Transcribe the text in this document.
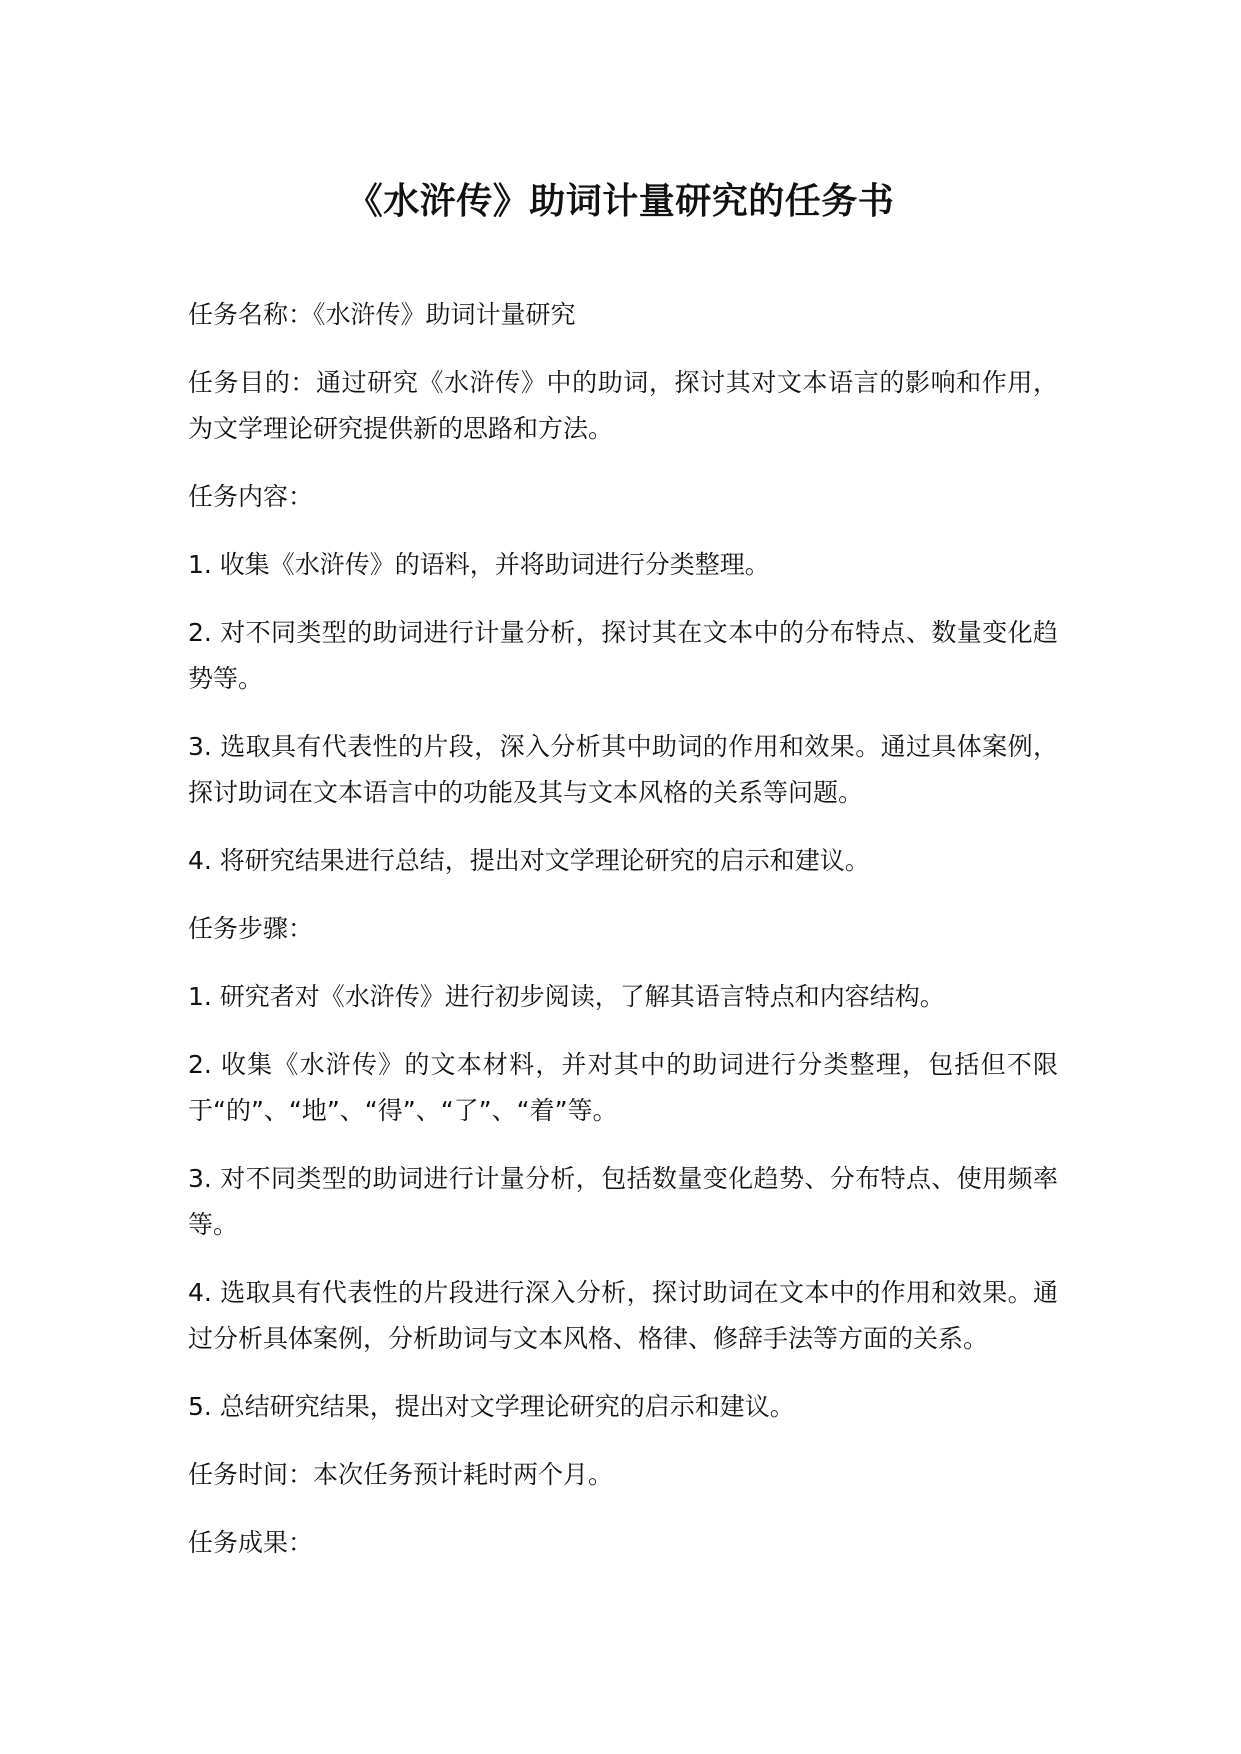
《水浒传》助词计量研究的任务书

任务名称：《水浒传》助词计量研究

任务目的：通过研究《水浒传》中的助词，探讨其对文本语言的影响和作用，为文学理论研究提供新的思路和方法。

任务内容：

1. 收集《水浒传》的语料，并将助词进行分类整理。

2. 对不同类型的助词进行计量分析，探讨其在文本中的分布特点、数量变化趋势等。

3. 选取具有代表性的片段，深入分析其中助词的作用和效果。通过具体案例，探讨助词在文本语言中的功能及其与文本风格的关系等问题。

4. 将研究结果进行总结，提出对文学理论研究的启示和建议。

任务步骤：

1. 研究者对《水浒传》进行初步阅读，了解其语言特点和内容结构。

2. 收集《水浒传》的文本材料，并对其中的助词进行分类整理，包括但不限于“的”、“地”、“得”、“了”、“着”等。

3. 对不同类型的助词进行计量分析，包括数量变化趋势、分布特点、使用频率等。

4. 选取具有代表性的片段进行深入分析，探讨助词在文本中的作用和效果。通过分析具体案例，分析助词与文本风格、格律、修辞手法等方面的关系。

5. 总结研究结果，提出对文学理论研究的启示和建议。

任务时间：本次任务预计耗时两个月。

任务成果：
